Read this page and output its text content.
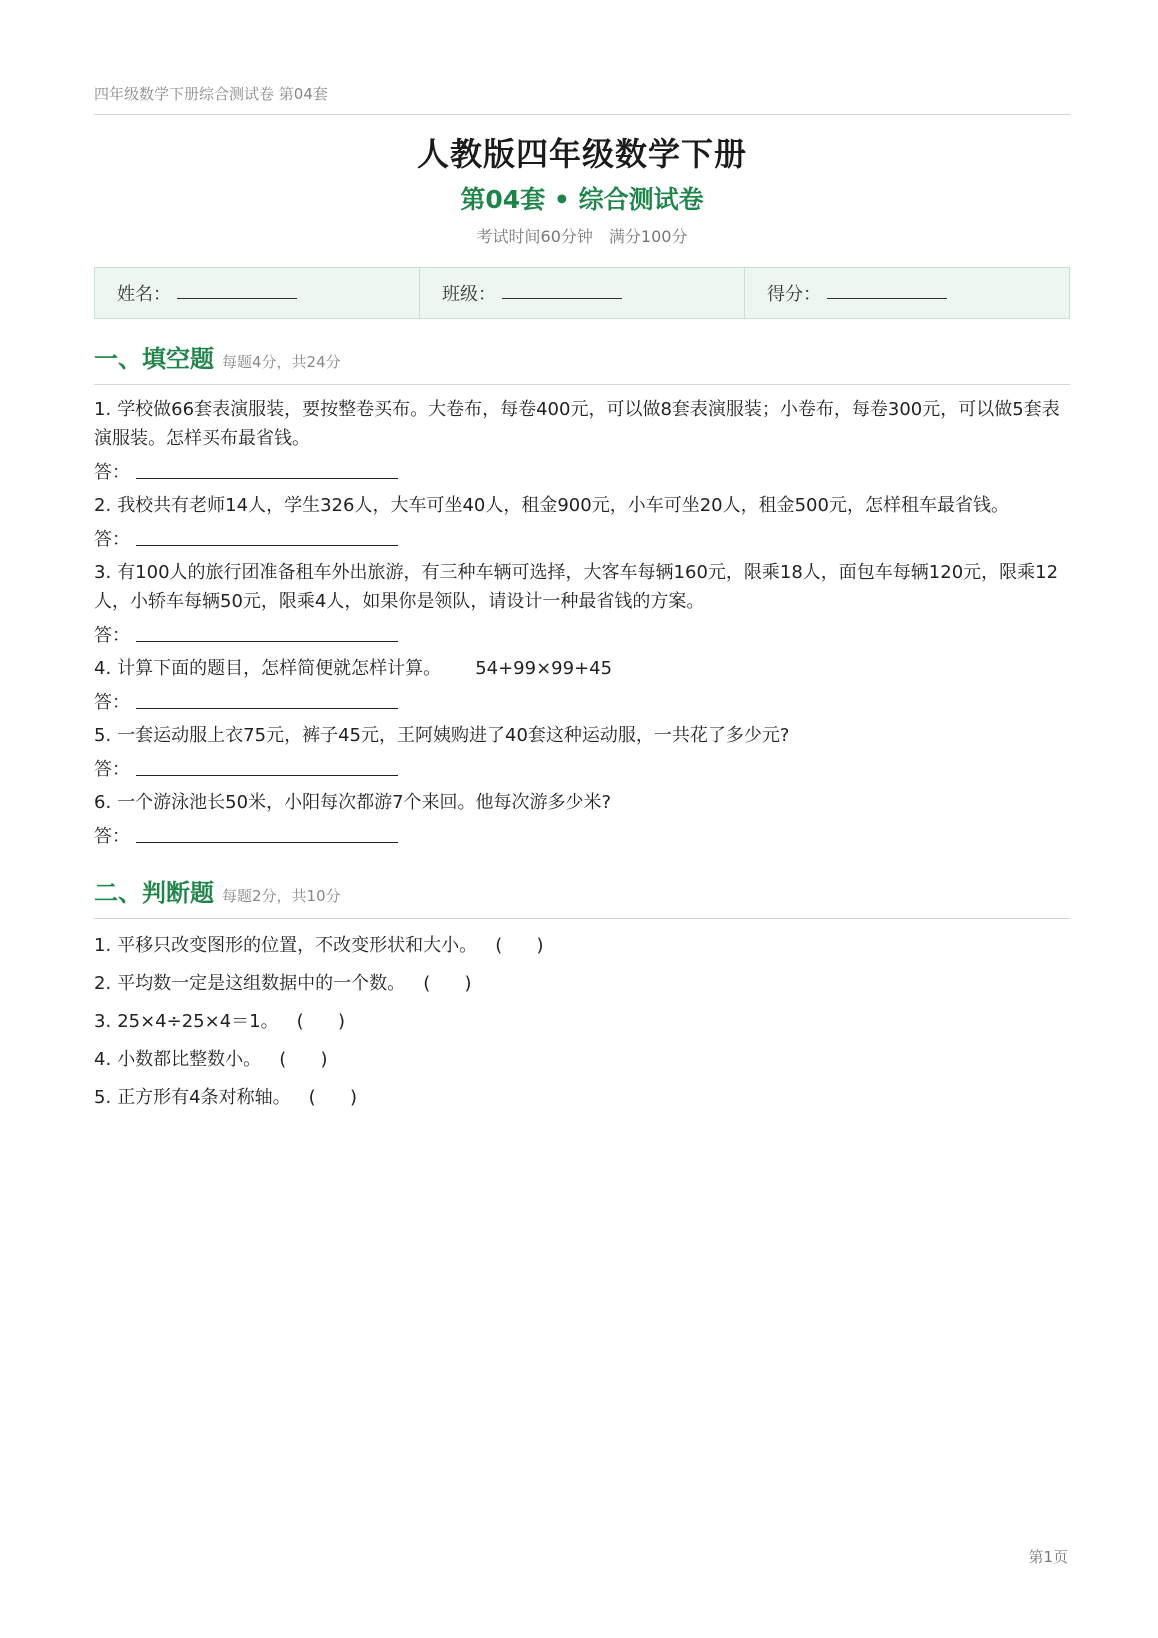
四年级数学下册综合测试卷 第04套
人教版四年级数学下册
第04套 • 综合测试卷
考试时间60分钟 满分100分
姓名：	班级：	得分：
一、填空题 每题4分，共24分
1. 学校做66套表演服装，要按整卷买布。大卷布，每卷400元，可以做8套表演服装；小卷布，每卷300元，可以做5套表演服装。怎样买布最省钱。
答：
2. 我校共有老师14人，学生326人，大车可坐40人，租金900元，小车可坐20人，租金500元，怎样租车最省钱。
答：
3. 有100人的旅行团准备租车外出旅游，有三种车辆可选择，大客车每辆160元，限乘18人，面包车每辆120元，限乘12人，小轿车每辆50元，限乘4人，如果你是领队，请设计一种最省钱的方案。
答：
4. 计算下面的题目，怎样简便就怎样计算。 54+99×99+45
答：
5. 一套运动服上衣75元，裤子45元，王阿姨购进了40套这种运动服，一共花了多少元?
答：
6. 一个游泳池长50米，小阳每次都游7个来回。他每次游多少米?
答：
二、判断题 每题2分，共10分
1. 平移只改变图形的位置，不改变形状和大小。 (      )
2. 平均数一定是这组数据中的一个数。 (      )
3. 25×4÷25×4＝1。 (      )
4. 小数都比整数小。 (      )
5. 正方形有4条对称轴。 (      )
第1页
